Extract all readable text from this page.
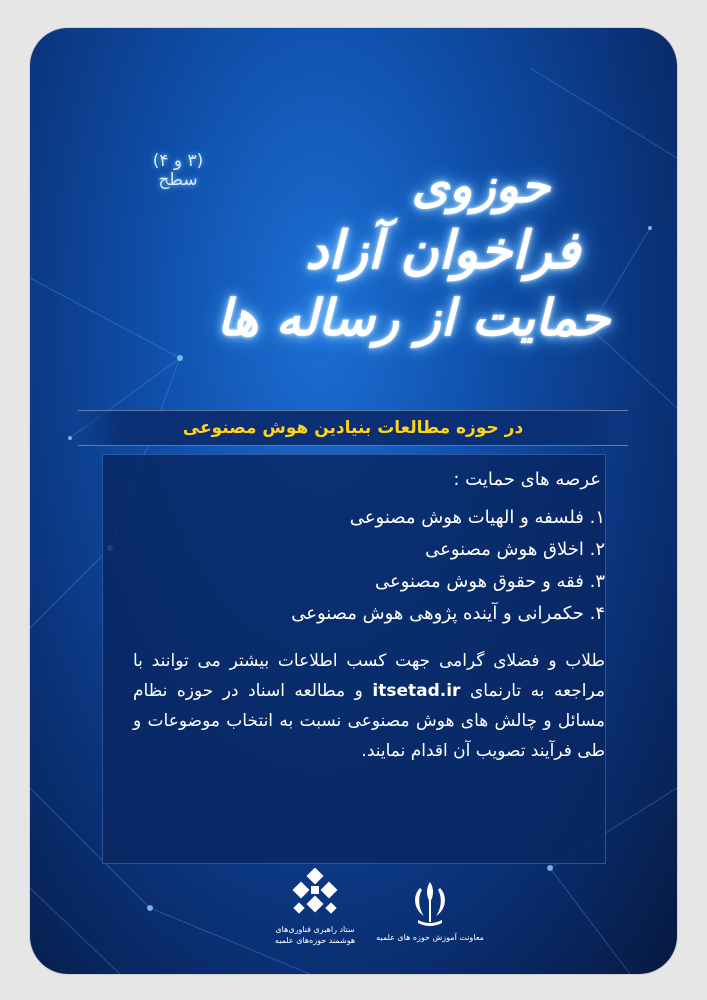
(۳ و ۴)
سطح	حوزوی
فراخوان آزاد
حمایت از رساله ها
در حوزه مطالعات بنیادین هوش مصنوعی
عرصه های حمایت :
۱. فلسفه و الهیات هوش مصنوعی
۲. اخلاق هوش مصنوعی
۳. فقه و حقوق هوش مصنوعی
۴. حکمرانی و آینده پژوهی هوش مصنوعی
طلاب و فضلای گرامی جهت کسب اطلاعات بیشتر می توانند با مراجعه به تارنمای itsetad.ir و مطالعه اسناد در حوزه نظام مسائل و چالش های هوش مصنوعی نسبت به انتخاب موضوعات و طی فرآیند تصویب آن اقدام نمایند.
معاونت آموزش حوزه های علمیه
ستاد راهبری فناوری‌های
هوشمند حوزه‌های علمیه
